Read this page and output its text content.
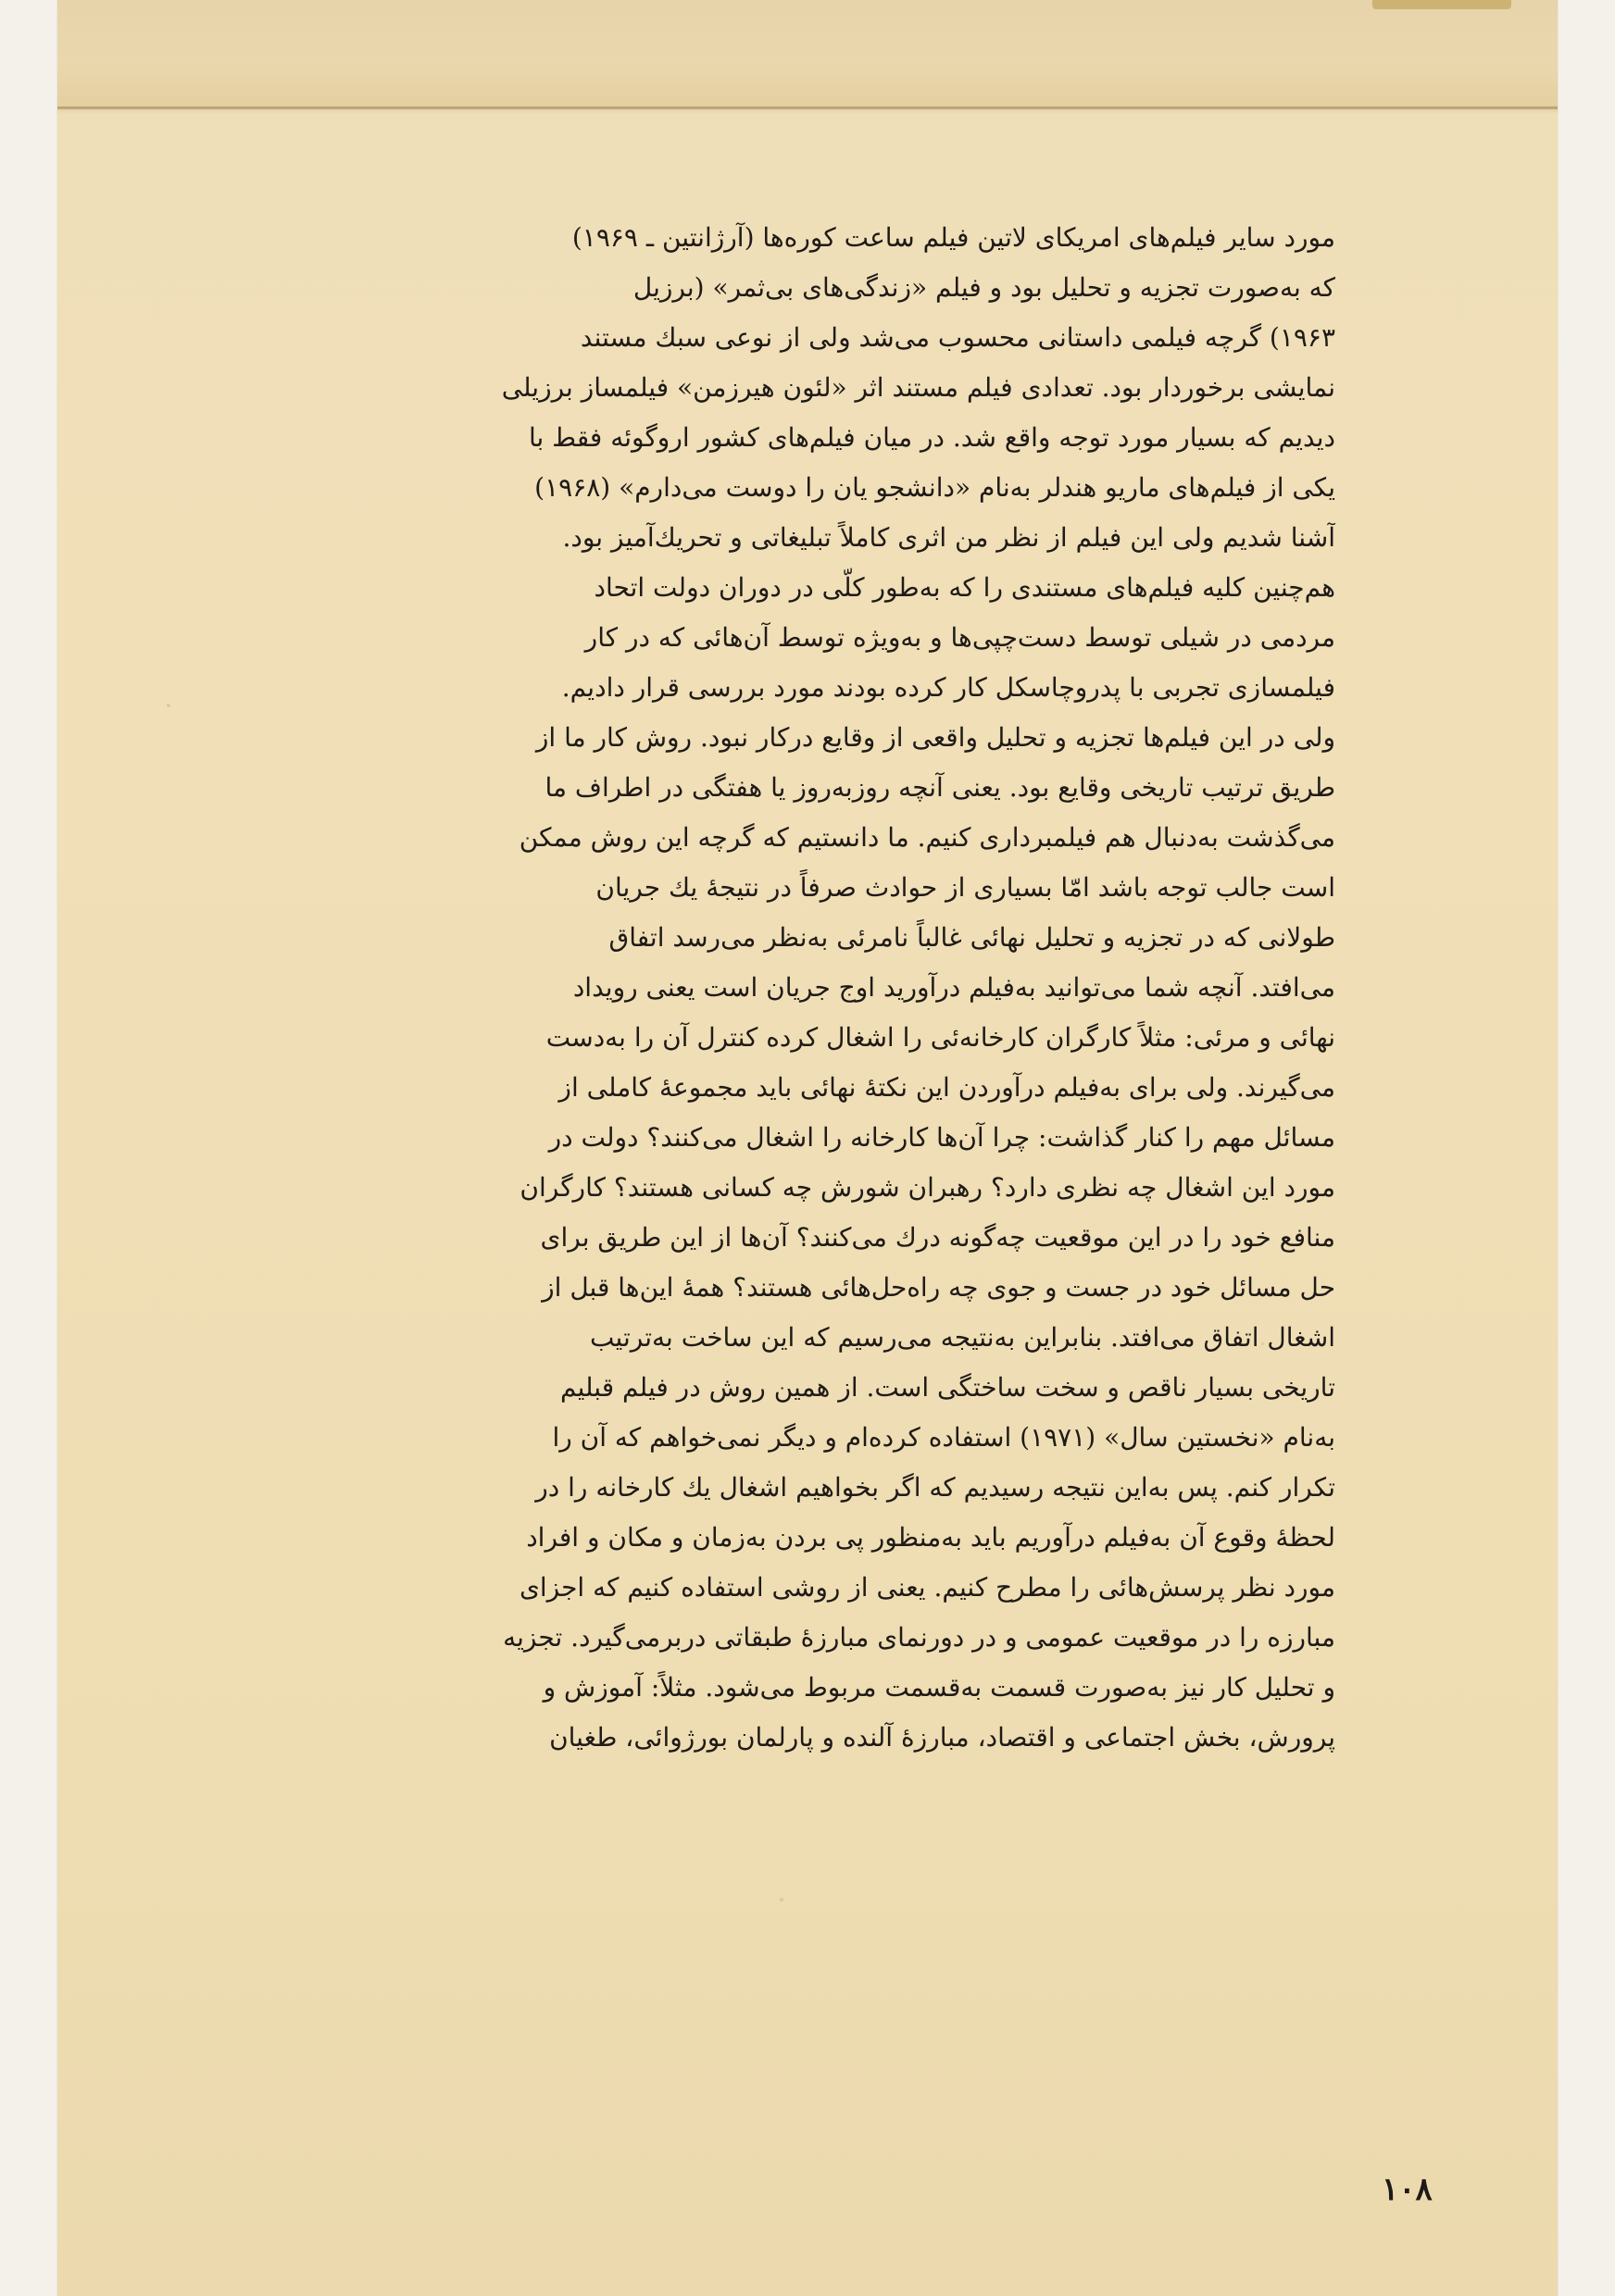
مورد سایر فیلم‌های امریکای لاتین فیلم ساعت کوره‌ها (آرژانتین ـ ۱۹۶۹)
که به‌صورت تجزیه و تحلیل بود و فیلم «زندگی‌های بی‌ثمر» (برزیل
۱۹۶۳) گرچه فیلمی داستانی محسوب می‌شد ولی از نوعی سبك مستند
نمایشی برخوردار بود. تعدادی فیلم مستند اثر «لئون هیرزمن» فیلمساز برزیلی
دیدیم که بسیار مورد توجه واقع شد. در میان فیلم‌های کشور اروگوئه فقط با
یکی از فیلم‌های ماریو هندلر به‌نام «دانشجو یان را دوست می‌دارم» (۱۹۶۸)
آشنا شدیم ولی این فیلم از نظر من اثری کاملاً تبلیغاتی و تحریك‌آمیز بود.
هم‌چنین کلیه فیلم‌های مستندی را که به‌طور کلّی در دوران دولت اتحاد
مردمی در شیلی توسط دست‌چپی‌ها و به‌ویژه توسط آن‌هائی که در کار
فیلمسازی تجربی با پدروچاسکل کار کرده بودند مورد بررسی قرار دادیم.
ولی در این فیلم‌ها تجزیه و تحلیل واقعی از وقایع درکار نبود. روش کار ما از
طریق ترتیب تاریخی وقایع بود. یعنی آنچه روزبه‌روز یا هفتگی در اطراف ما
می‌گذشت به‌دنبال هم فیلمبرداری کنیم. ما دانستیم که گرچه این روش ممکن
است جالب توجه باشد امّا بسیاری از حوادث صرفاً در نتیجهٔ یك جریان
طولانی که در تجزیه و تحلیل نهائی غالباً نامرئی به‌نظر می‌رسد اتفاق
می‌افتد. آنچه شما می‌توانید به‌فیلم درآورید اوج جریان است یعنی رویداد
نهائی و مرئی: مثلاً کارگران کارخانه‌ئی را اشغال کرده کنترل آن را به‌دست
می‌گیرند. ولی برای به‌فیلم درآوردن این نکتهٔ نهائی باید مجموعهٔ کاملی از
مسائل مهم را کنار گذاشت: چرا آن‌ها کارخانه را اشغال می‌کنند؟ دولت در
مورد این اشغال چه نظری دارد؟ رهبران شورش چه کسانی هستند؟ کارگران
منافع خود را در این موقعیت چه‌گونه درك می‌کنند؟ آن‌ها از این طریق برای
حل مسائل خود در جست و جوی چه راه‌حل‌هائی هستند؟ همهٔ این‌ها قبل از
اشغال اتفاق می‌افتد. بنابراین به‌نتیجه می‌رسیم که این ساخت به‌ترتیب
تاریخی بسیار ناقص و سخت ساختگی است. از همین روش در فیلم قبلیم
به‌نام «نخستین سال» (۱۹۷۱) استفاده کرده‌ام و دیگر نمی‌خواهم که آن را
تکرار کنم. پس به‌این نتیجه رسیدیم که اگر بخواهیم اشغال یك کارخانه را در
لحظهٔ وقوع آن به‌فیلم درآوریم باید به‌منظور پی بردن به‌زمان و مکان و افراد
مورد نظر پرسش‌هائی را مطرح کنیم. یعنی از روشی استفاده کنیم که اجزای
مبارزه را در موقعیت عمومی و در دورنمای مبارزهٔ طبقاتی دربرمی‌گیرد. تجزیه
و تحلیل کار نیز به‌صورت قسمت به‌قسمت مربوط می‌شود. مثلاً: آموزش و
پرورش، بخش اجتماعی و اقتصاد، مبارزهٔ آلنده و پارلمان بورژوائی، طغیان
۱۰۸
